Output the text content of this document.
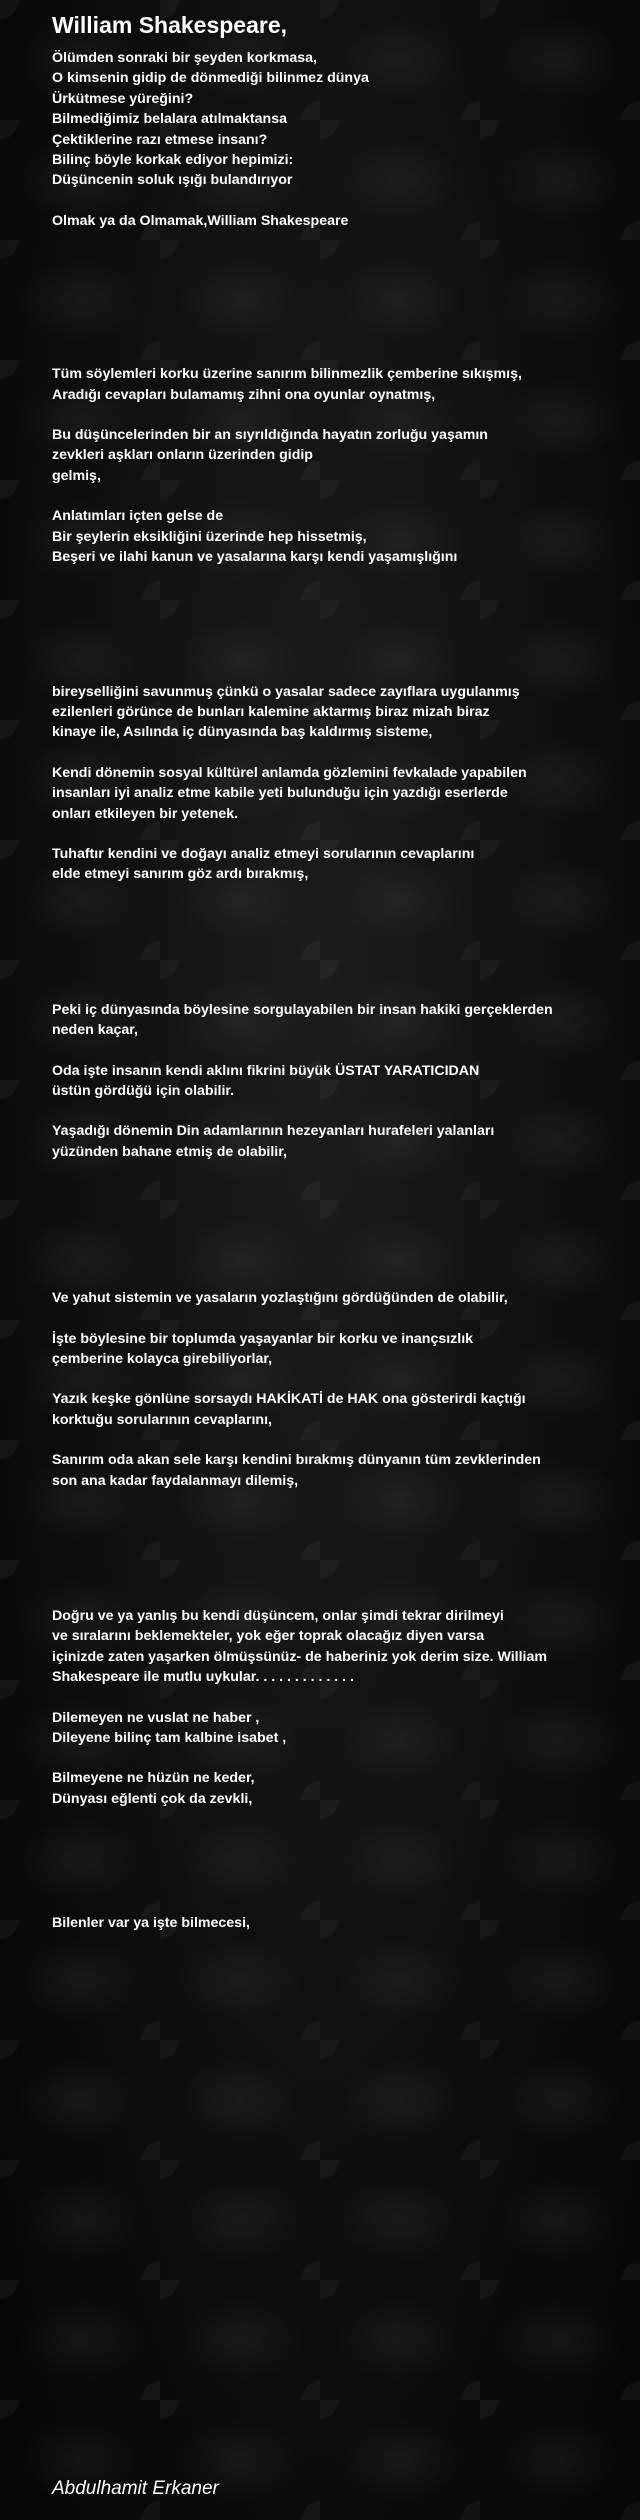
William Shakespeare,
Ölümden sonraki bir şeyden korkmasa,
O kimsenin gidip de dönmediği bilinmez dünya
Ürkütmese yüreğini?
Bilmediğimiz belalara atılmaktansa
Çektiklerine razı etmese insanı?
Bilinç böyle korkak ediyor hepimizi:
Düşüncenin soluk ışığı bulandırıyor
Olmak ya da Olmamak,William Shakespeare
Tüm söylemleri korku üzerine sanırım bilinmezlik çemberine sıkışmış,
Aradığı cevapları bulamamış zihni ona oyunlar oynatmış,
Bu düşüncelerinden bir an sıyrıldığında hayatın zorluğu yaşamın
zevkleri aşkları onların üzerinden gidip
gelmiş,
Anlatımları içten gelse de
Bir şeylerin eksikliğini üzerinde hep hissetmiş,
Beşeri ve ilahi kanun ve yasalarına karşı kendi yaşamışlığını
bireyselliğini savunmuş çünkü o yasalar sadece zayıflara uygulanmış
ezilenleri görünce de bunları kalemine aktarmış biraz mizah biraz
kinaye ile, Asılında iç dünyasında baş kaldırmış sisteme,
Kendi dönemin sosyal kültürel anlamda gözlemini fevkalade yapabilen
insanları iyi analiz etme kabile yeti bulunduğu için yazdığı eserlerde
onları etkileyen bir yetenek.
Tuhaftır kendini ve doğayı analiz etmeyi sorularının cevaplarını
elde etmeyi sanırım göz ardı bırakmış,
Peki iç dünyasında böylesine sorgulayabilen bir insan hakiki gerçeklerden
neden kaçar,
Oda işte insanın kendi aklını fikrini büyük ÜSTAT YARATICIDAN
üstün gördüğü için olabilir.
Yaşadığı dönemin Din adamlarının hezeyanları hurafeleri yalanları
yüzünden bahane etmiş de olabilir,
Ve yahut sistemin ve yasaların yozlaştığını gördüğünden de olabilir,
İşte böylesine bir toplumda yaşayanlar bir korku ve inançsızlık
çemberine kolayca girebiliyorlar,
Yazık keşke gönlüne sorsaydı HAKİKATİ de HAK ona gösterirdi kaçtığı
korktuğu sorularının cevaplarını,
Sanırım oda akan sele karşı kendini bırakmış dünyanın tüm zevklerinden
son ana kadar faydalanmayı dilemiş,
Doğru ve ya yanlış bu kendi düşüncem, onlar şimdi tekrar dirilmeyi
ve sıralarını beklemekteler, yok eğer toprak olacağız diyen varsa
içinizde zaten yaşarken ölmüşsünüz- de haberiniz yok derim size. William
Shakespeare ile mutlu uykular. . . . . . . . . . . . .
Dilemeyen ne vuslat ne haber ,
Dileyene bilinç tam kalbine isabet ,
Bilmeyene ne hüzün ne keder,
Dünyası eğlenti çok da zevkli,
Bilenler var ya işte bilmecesi,
Abdulhamit Erkaner
